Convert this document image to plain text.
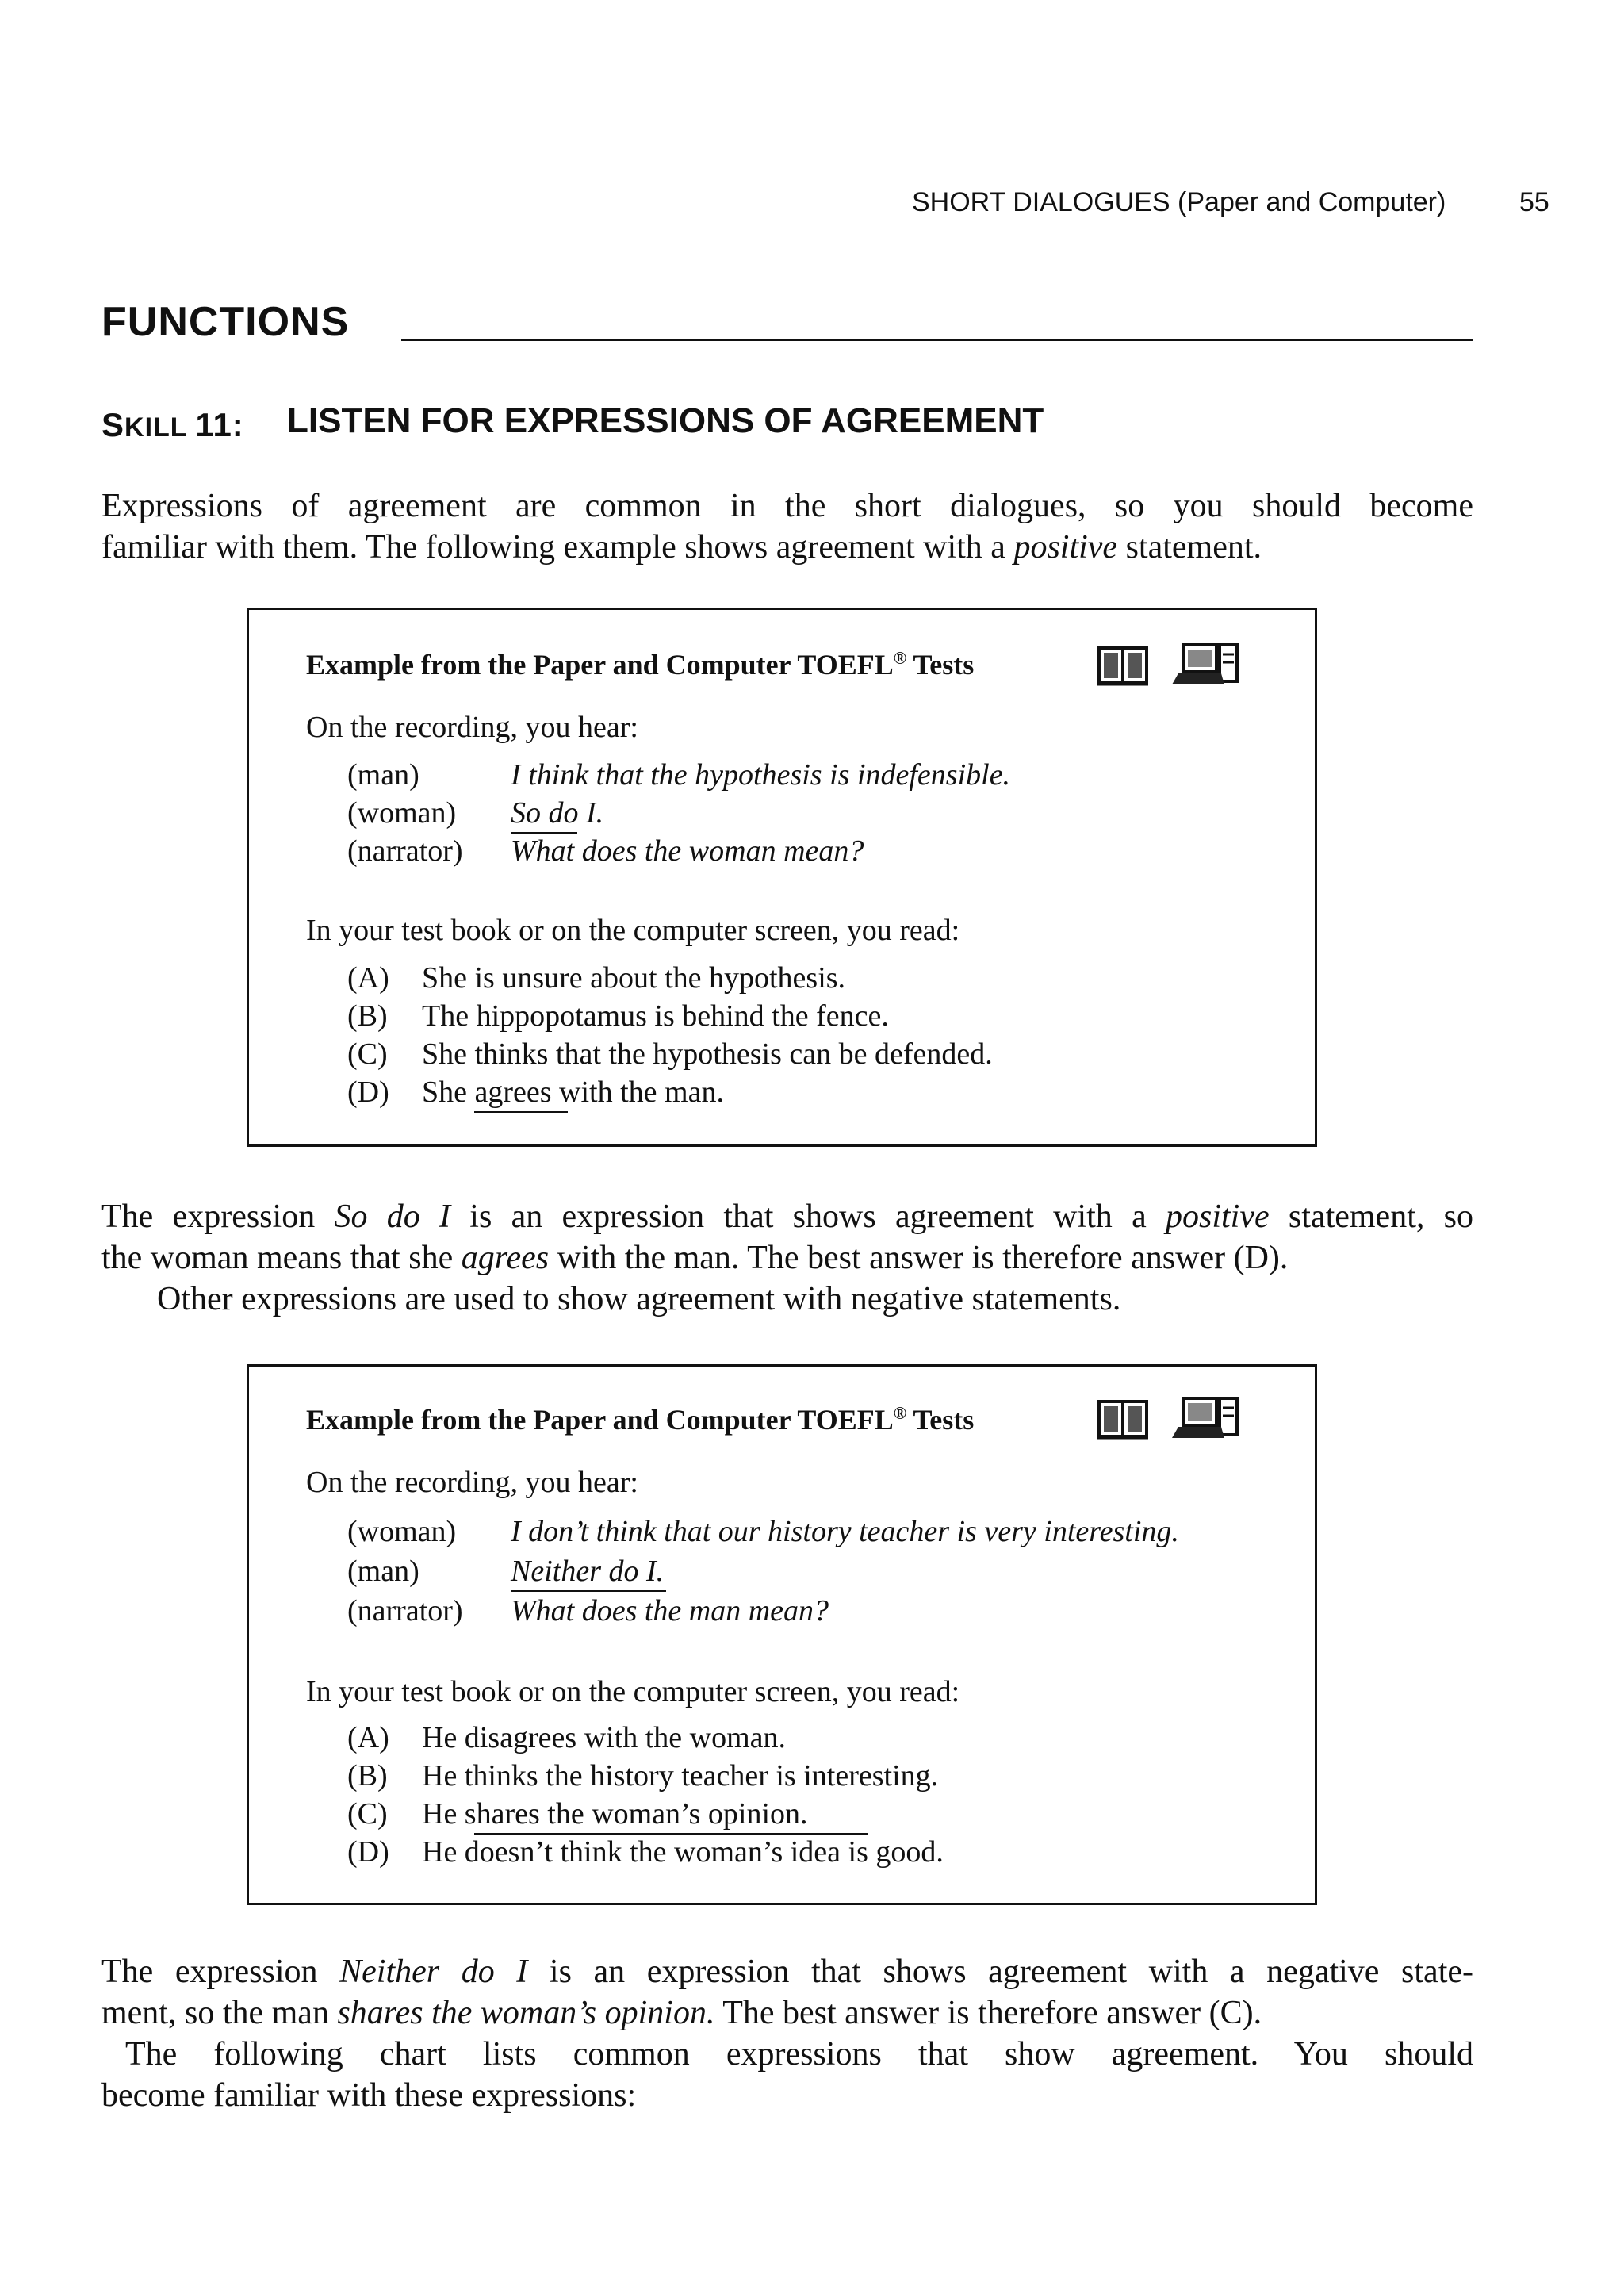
SHORT DIALOGUES (Paper and Computer)	55
FUNCTIONS
SKILL 11: LISTEN FOR EXPRESSIONS OF AGREEMENT
Expressions of agreement are common in the short dialogues, so you should become
familiar with them. The following example shows agreement with a positive statement.
Example from the Paper and Computer TOEFL® Tests
On the recording, you hear:
(man)	I think that the hypothesis is indefensible.
(woman) So do I.
(narrator) What does the woman mean?
In your test book or on the computer screen, you read:
(A) She is unsure about the hypothesis.
(B) The hippopotamus is behind the fence.
(C) She thinks that the hypothesis can be defended.
(D) She agrees with the man.
The expression So do I is an expression that shows agreement with a positive statement, so
the woman means that she agrees with the man. The best answer is therefore answer (D).
Other expressions are used to show agreement with negative statements.
Example from the Paper and Computer TOEFL® Tests
On the recording, you hear:
(woman) I don’t think that our history teacher is very interesting.
(man)	Neither do I.
(narrator) What does the man mean?
In your test book or on the computer screen, you read:
(A) He disagrees with the woman.
(B) He thinks the history teacher is interesting.
(C) He shares the woman’s opinion.
(D) He doesn’t think the woman’s idea is good.
The expression Neither do I is an expression that shows agreement with a negative state-
ment, so the man shares the woman’s opinion. The best answer is therefore answer (C).
The following chart lists common expressions that show agreement. You should
become familiar with these expressions:
